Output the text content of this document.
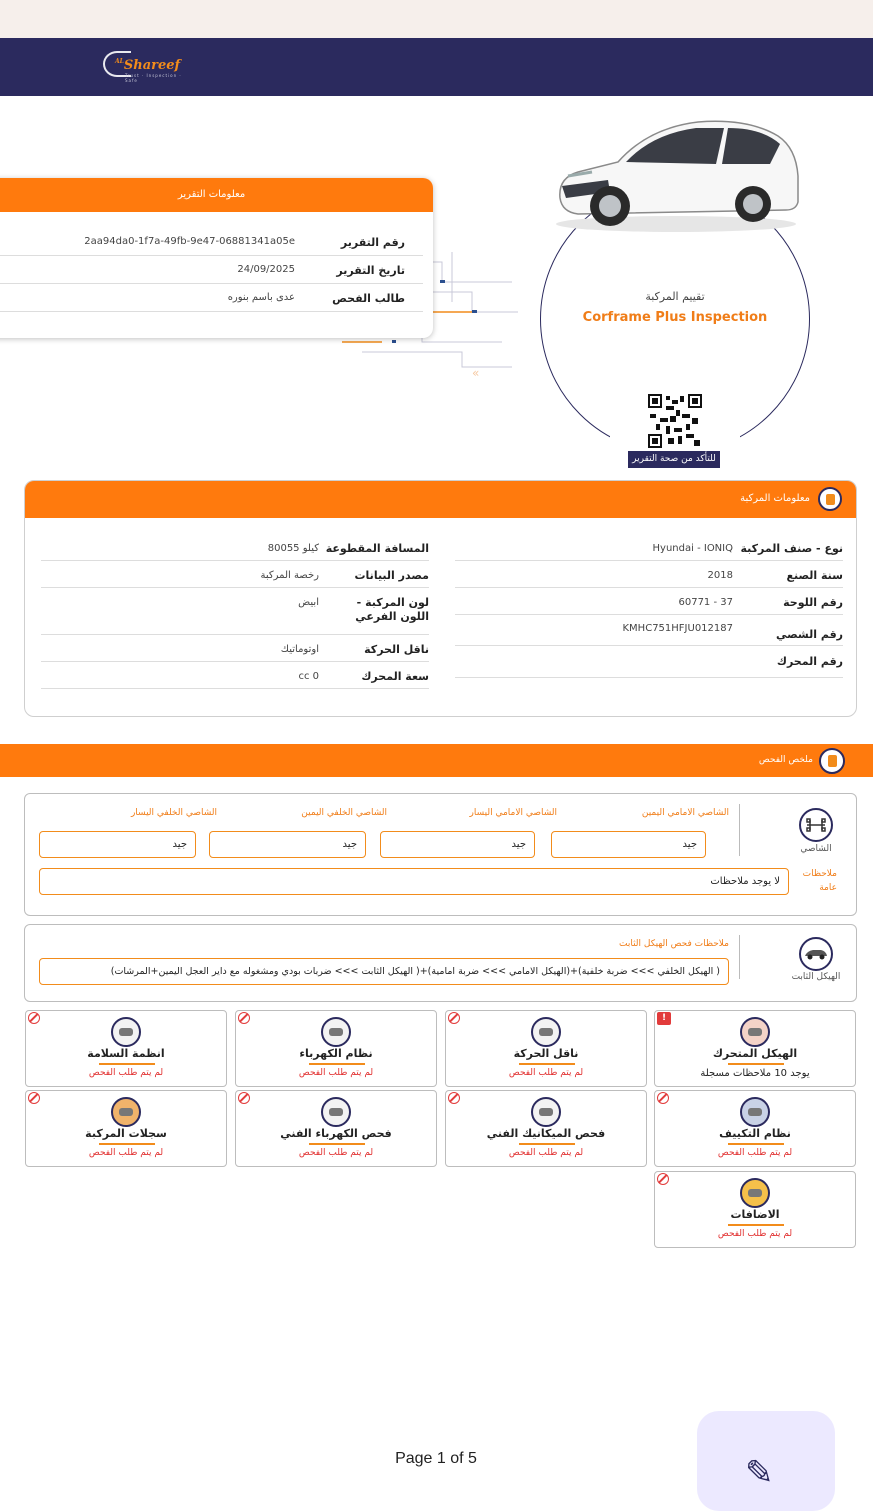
$^{AL}$Shareef
Trust · Inspection · Safe
«
معلومات التقرير
رقم التقرير
2aa94da0-1f7a-49fb-9e47-06881341a05e
تاريخ التقرير
24/09/2025
طالب الفحص
عدى باسم بنوره	تقييم المركبة
Corframe Plus Inspection
للتأكد من صحة التقرير
معلومات المركبة
نوع - صنف المركبة
Hyundai - IONIQ
سنة الصنع
2018
رقم اللوحة
60771 - 37
رقم الشصي
KMHC751HFJU012187
رقم المحرك
المسافة المقطوعة
80055 كيلو
مصدر البيانات
رخصة المركبة
لون المركبة - اللون الفرعي
ابيض
ناقل الحركة
اوتوماتيك
سعة المحرك
cc 0
ملخص الفحص
الشاصي
الشاصي الامامي اليمين
جيد
الشاصي الامامي اليسار
جيد
الشاصي الخلفي اليمين
جيد
الشاصي الخلفي اليسار
جيد
ملاحظات عامة
لا يوجد ملاحظات
الهيكل الثابت
ملاحظات فحص الهيكل الثابت
(الهيكل الثابت >>> ضربات بودي ومشغوله مع داير العجل اليمين+المرشات )+(الهيكل الامامي >>> ضربة امامية)+(الهيكل الخلفي >>> ضربة خلفية )
!
الهيكل المتحرك
يوجد 10 ملاحظات مسجلة
ناقل الحركة
لم يتم طلب الفحص
نظام الكهرباء
لم يتم طلب الفحص
انظمة السلامة
لم يتم طلب الفحص
نظام التكييف
لم يتم طلب الفحص
فحص الميكانيك الفني
لم يتم طلب الفحص
فحص الكهرباء الفني
لم يتم طلب الفحص
سجلات المركبة
لم يتم طلب الفحص
الاضافات
لم يتم طلب الفحص
Page 1 of 5	✎
